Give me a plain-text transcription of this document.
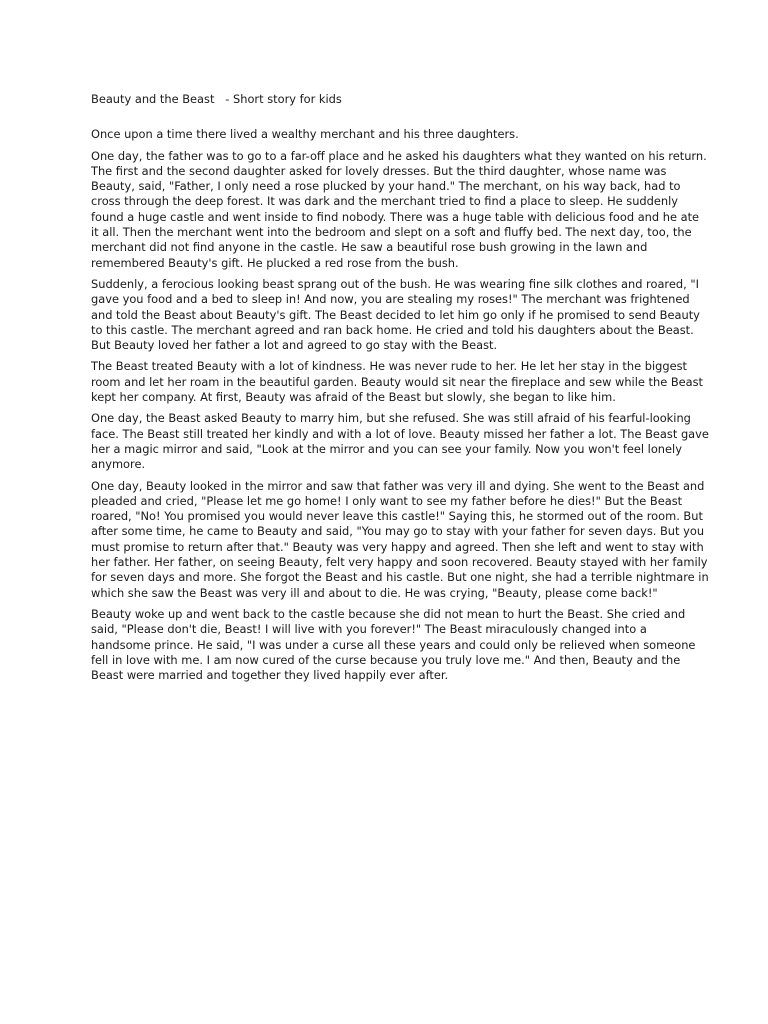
Beauty and the Beast   - Short story for kids

Once upon a time there lived a wealthy merchant and his three daughters.

One day, the father was to go to a far-off place and he asked his daughters what they wanted on his return. The first and the second daughter asked for lovely dresses. But the third daughter, whose name was Beauty, said, "Father, I only need a rose plucked by your hand." The merchant, on his way back, had to cross through the deep forest. It was dark and the merchant tried to find a place to sleep. He suddenly found a huge castle and went inside to find nobody. There was a huge table with delicious food and he ate it all. Then the merchant went into the bedroom and slept on a soft and fluffy bed. The next day, too, the merchant did not find anyone in the castle. He saw a beautiful rose bush growing in the lawn and remembered Beauty's gift. He plucked a red rose from the bush.

Suddenly, a ferocious looking beast sprang out of the bush. He was wearing fine silk clothes and roared, "I gave you food and a bed to sleep in! And now, you are stealing my roses!" The merchant was frightened and told the Beast about Beauty's gift. The Beast decided to let him go only if he promised to send Beauty to this castle. The merchant agreed and ran back home. He cried and told his daughters about the Beast. But Beauty loved her father a lot and agreed to go stay with the Beast.

The Beast treated Beauty with a lot of kindness. He was never rude to her. He let her stay in the biggest room and let her roam in the beautiful garden. Beauty would sit near the fireplace and sew while the Beast kept her company. At first, Beauty was afraid of the Beast but slowly, she began to like him.

One day, the Beast asked Beauty to marry him, but she refused. She was still afraid of his fearful-looking face. The Beast still treated her kindly and with a lot of love. Beauty missed her father a lot. The Beast gave her a magic mirror and said, "Look at the mirror and you can see your family. Now you won't feel lonely anymore.

One day, Beauty looked in the mirror and saw that father was very ill and dying. She went to the Beast and pleaded and cried, "Please let me go home! I only want to see my father before he dies!" But the Beast roared, "No! You promised you would never leave this castle!" Saying this, he stormed out of the room. But after some time, he came to Beauty and said, "You may go to stay with your father for seven days. But you must promise to return after that." Beauty was very happy and agreed. Then she left and went to stay with her father. Her father, on seeing Beauty, felt very happy and soon recovered. Beauty stayed with her family for seven days and more. She forgot the Beast and his castle. But one night, she had a terrible nightmare in which she saw the Beast was very ill and about to die. He was crying, "Beauty, please come back!"

Beauty woke up and went back to the castle because she did not mean to hurt the Beast. She cried and said, "Please don't die, Beast! I will live with you forever!" The Beast miraculously changed into a handsome prince. He said, "I was under a curse all these years and could only be relieved when someone fell in love with me. I am now cured of the curse because you truly love me." And then, Beauty and the Beast were married and together they lived happily ever after.
